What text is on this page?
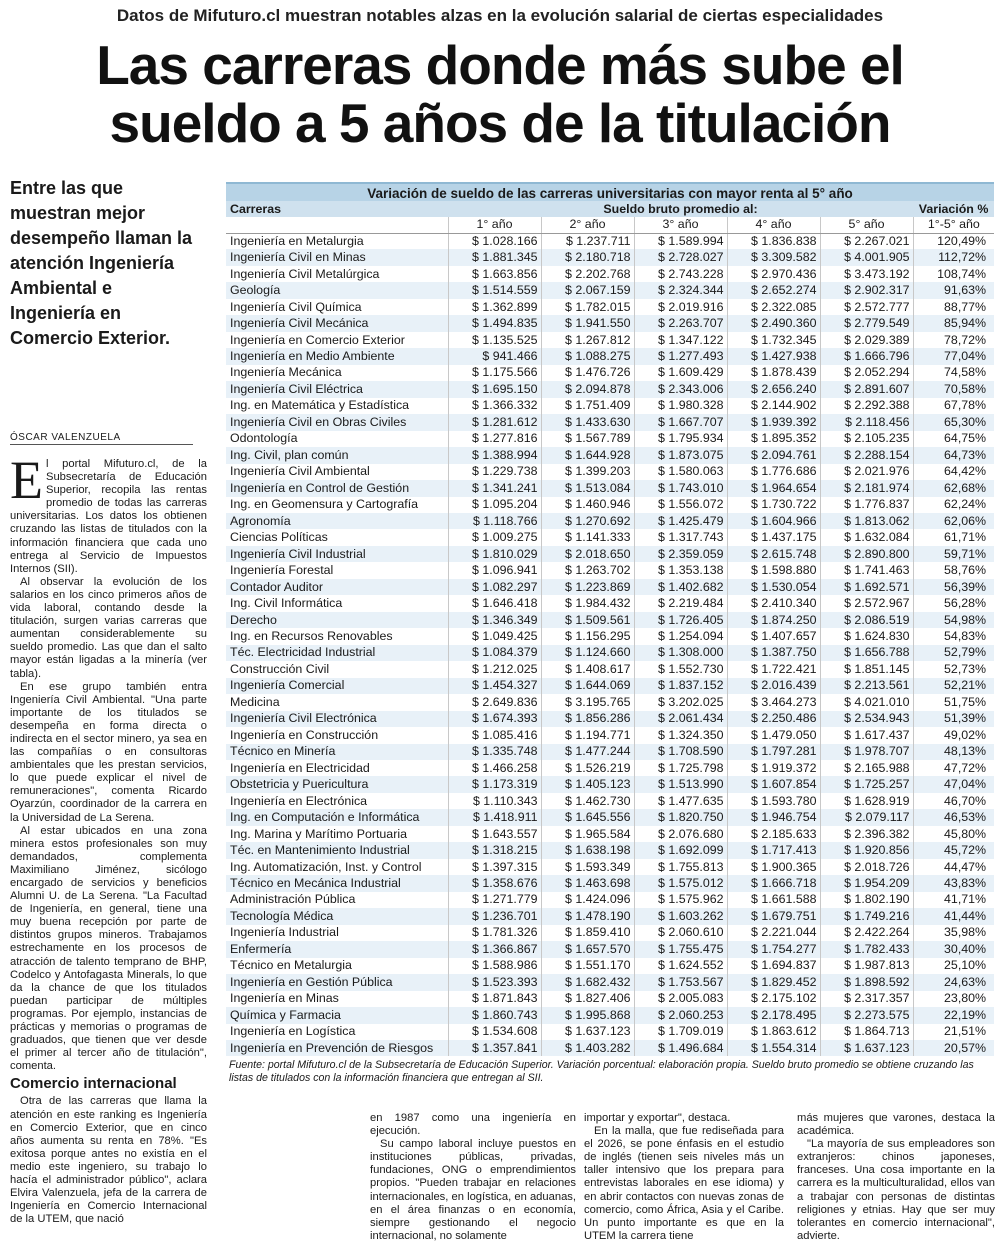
Datos de Mifuturo.cl muestran notables alzas en la evolución salarial de ciertas especialidades
Las carreras donde más sube el
sueldo a 5 años de la titulación
Entre las que muestran mejor desempeño llaman la atención Ingeniería Ambiental e Ingeniería en Comercio Exterior.
ÓSCAR VALENZUELA

El portal Mifuturo.cl, de la Subsecretaría de Educación Superior, recopila las rentas promedio de todas las carreras universitarias. Los datos los obtienen cruzando las listas de titulados con la información financiera que cada uno entrega al Servicio de Impuestos Internos (SII).

Al observar la evolución de los salarios en los cinco primeros años de vida laboral, contando desde la titulación, surgen varias carreras que aumentan considerablemente su sueldo promedio. Las que dan el salto mayor están ligadas a la minería (ver tabla).

En ese grupo también entra Ingeniería Civil Ambiental. "Una parte importante de los titulados se desempeña en forma directa o indirecta en el sector minero, ya sea en las compañías o en consultoras ambientales que les prestan servicios, lo que puede explicar el nivel de remuneraciones", comenta Ricardo Oyarzún, coordinador de la carrera en la Universidad de La Serena.

Al estar ubicados en una zona minera estos profesionales son muy demandados, complementa Maximiliano Jiménez, sicólogo encargado de servicios y beneficios Alumni U. de La Serena. "La Facultad de Ingeniería, en general, tiene una muy buena recepción por parte de distintos grupos mineros. Trabajamos estrechamente en los procesos de atracción de talento temprano de BHP, Codelco y Antofagasta Minerals, lo que da la chance de que los titulados puedan participar de múltiples programas. Por ejemplo, instancias de prácticas y memorias o programas de graduados, que tienen que ver desde el primer al tercer año de titulación", comenta.

Comercio internacional

Otra de las carreras que llama la atención en este ranking es Ingeniería en Comercio Exterior, que en cinco años aumenta su renta en 78%. "Es exitosa porque antes no existía en el medio este ingeniero, su trabajo lo hacía el administrador público", aclara Elvira Valenzuela, jefa de la carrera de Ingeniería en Comercio Internacional de la UTEM, que nació

en 1987 como una ingeniería en ejecución.

Su campo laboral incluye puestos en instituciones públicas, privadas, fundaciones, ONG o emprendimientos propios. "Pueden trabajar en relaciones internacionales, en logística, en aduanas, en el área finanzas o en economía, siempre gestionando el negocio internacional, no solamente

importar y exportar", destaca.

En la malla, que fue rediseñada para el 2026, se pone énfasis en el estudio de inglés (tienen seis niveles más un taller intensivo que los prepara para entrevistas laborales en ese idioma) y en abrir contactos con nuevas zonas de comercio, como África, Asia y el Caribe. Un punto importante es que en la UTEM la carrera tiene

más mujeres que varones, destaca la académica.

"La mayoría de sus empleadores son extranjeros: chinos japoneses, franceses. Una cosa importante en la carrera es la multiculturalidad, ellos van a trabajar con personas de distintas religiones y etnias. Hay que ser muy tolerantes en comercio internacional", advierte.

Variación de sueldo de las carreras universitarias con mayor renta al 5° año
Carreras	Sueldo bruto promedio al:					Variación %
	1° año	2° año	3° año	4° año	5° año	1°-5° año
Ingeniería en Metalurgia	$ 1.028.166	$ 1.237.711	$ 1.589.994	$ 1.836.838	$ 2.267.021	120,49%
Ingeniería Civil en Minas	$ 1.881.345	$ 2.180.718	$ 2.728.027	$ 3.309.582	$ 4.001.905	112,72%
Ingeniería Civil Metalúrgica	$ 1.663.856	$ 2.202.768	$ 2.743.228	$ 2.970.436	$ 3.473.192	108,74%
Geología	$ 1.514.559	$ 2.067.159	$ 2.324.344	$ 2.652.274	$ 2.902.317	91,63%
Ingeniería Civil Química	$ 1.362.899	$ 1.782.015	$ 2.019.916	$ 2.322.085	$ 2.572.777	88,77%
Ingeniería Civil Mecánica	$ 1.494.835	$ 1.941.550	$ 2.263.707	$ 2.490.360	$ 2.779.549	85,94%
Ingeniería en Comercio Exterior	$ 1.135.525	$ 1.267.812	$ 1.347.122	$ 1.732.345	$ 2.029.389	78,72%
Ingeniería en Medio Ambiente	$ 941.466	$ 1.088.275	$ 1.277.493	$ 1.427.938	$ 1.666.796	77,04%
Ingeniería Mecánica	$ 1.175.566	$ 1.476.726	$ 1.609.429	$ 1.878.439	$ 2.052.294	74,58%
Ingeniería Civil Eléctrica	$ 1.695.150	$ 2.094.878	$ 2.343.006	$ 2.656.240	$ 2.891.607	70,58%
Ing. en Matemática y Estadística	$ 1.366.332	$ 1.751.409	$ 1.980.328	$ 2.144.902	$ 2.292.388	67,78%
Ingeniería Civil en Obras Civiles	$ 1.281.612	$ 1.433.630	$ 1.667.707	$ 1.939.392	$ 2.118.456	65,30%
Odontología	$ 1.277.816	$ 1.567.789	$ 1.795.934	$ 1.895.352	$ 2.105.235	64,75%
Ing. Civil, plan común	$ 1.388.994	$ 1.644.928	$ 1.873.075	$ 2.094.761	$ 2.288.154	64,73%
Ingeniería Civil Ambiental	$ 1.229.738	$ 1.399.203	$ 1.580.063	$ 1.776.686	$ 2.021.976	64,42%
Ingeniería en Control de Gestión	$ 1.341.241	$ 1.513.084	$ 1.743.010	$ 1.964.654	$ 2.181.974	62,68%
Ing. en Geomensura y Cartografía	$ 1.095.204	$ 1.460.946	$ 1.556.072	$ 1.730.722	$ 1.776.837	62,24%
Agronomía	$ 1.118.766	$ 1.270.692	$ 1.425.479	$ 1.604.966	$ 1.813.062	62,06%
Ciencias Políticas	$ 1.009.275	$ 1.141.333	$ 1.317.743	$ 1.437.175	$ 1.632.084	61,71%
Ingeniería Civil Industrial	$ 1.810.029	$ 2.018.650	$ 2.359.059	$ 2.615.748	$ 2.890.800	59,71%
Ingeniería Forestal	$ 1.096.941	$ 1.263.702	$ 1.353.138	$ 1.598.880	$ 1.741.463	58,76%
Contador Auditor	$ 1.082.297	$ 1.223.869	$ 1.402.682	$ 1.530.054	$ 1.692.571	56,39%
Ing. Civil Informática	$ 1.646.418	$ 1.984.432	$ 2.219.484	$ 2.410.340	$ 2.572.967	56,28%
Derecho	$ 1.346.349	$ 1.509.561	$ 1.726.405	$ 1.874.250	$ 2.086.519	54,98%
Ing. en Recursos Renovables	$ 1.049.425	$ 1.156.295	$ 1.254.094	$ 1.407.657	$ 1.624.830	54,83%
Téc. Electricidad Industrial	$ 1.084.379	$ 1.124.660	$ 1.308.000	$ 1.387.750	$ 1.656.788	52,79%
Construcción Civil	$ 1.212.025	$ 1.408.617	$ 1.552.730	$ 1.722.421	$ 1.851.145	52,73%
Ingeniería Comercial	$ 1.454.327	$ 1.644.069	$ 1.837.152	$ 2.016.439	$ 2.213.561	52,21%
Medicina	$ 2.649.836	$ 3.195.765	$ 3.202.025	$ 3.464.273	$ 4.021.010	51,75%
Ingeniería Civil Electrónica	$ 1.674.393	$ 1.856.286	$ 2.061.434	$ 2.250.486	$ 2.534.943	51,39%
Ingeniería en Construcción	$ 1.085.416	$ 1.194.771	$ 1.324.350	$ 1.479.050	$ 1.617.437	49,02%
Técnico en Minería	$ 1.335.748	$ 1.477.244	$ 1.708.590	$ 1.797.281	$ 1.978.707	48,13%
Ingeniería en Electricidad	$ 1.466.258	$ 1.526.219	$ 1.725.798	$ 1.919.372	$ 2.165.988	47,72%
Obstetricia y Puericultura	$ 1.173.319	$ 1.405.123	$ 1.513.990	$ 1.607.854	$ 1.725.257	47,04%
Ingeniería en Electrónica	$ 1.110.343	$ 1.462.730	$ 1.477.635	$ 1.593.780	$ 1.628.919	46,70%
Ing. en Computación e Informática	$ 1.418.911	$ 1.645.556	$ 1.820.750	$ 1.946.754	$ 2.079.117	46,53%
Ing. Marina y Marítimo Portuaria	$ 1.643.557	$ 1.965.584	$ 2.076.680	$ 2.185.633	$ 2.396.382	45,80%
Téc. en Mantenimiento Industrial	$ 1.318.215	$ 1.638.198	$ 1.692.099	$ 1.717.413	$ 1.920.856	45,72%
Ing. Automatización, Inst. y Control	$ 1.397.315	$ 1.593.349	$ 1.755.813	$ 1.900.365	$ 2.018.726	44,47%
Técnico en Mecánica Industrial	$ 1.358.676	$ 1.463.698	$ 1.575.012	$ 1.666.718	$ 1.954.209	43,83%
Administración Pública	$ 1.271.779	$ 1.424.096	$ 1.575.962	$ 1.661.588	$ 1.802.190	41,71%
Tecnología Médica	$ 1.236.701	$ 1.478.190	$ 1.603.262	$ 1.679.751	$ 1.749.216	41,44%
Ingeniería Industrial	$ 1.781.326	$ 1.859.410	$ 2.060.610	$ 2.221.044	$ 2.422.264	35,98%
Enfermería	$ 1.366.867	$ 1.657.570	$ 1.755.475	$ 1.754.277	$ 1.782.433	30,40%
Técnico en Metalurgia	$ 1.588.986	$ 1.551.170	$ 1.624.552	$ 1.694.837	$ 1.987.813	25,10%
Ingeniería en Gestión Pública	$ 1.523.393	$ 1.682.432	$ 1.753.567	$ 1.829.452	$ 1.898.592	24,63%
Ingeniería en Minas	$ 1.871.843	$ 1.827.406	$ 2.005.083	$ 2.175.102	$ 2.317.357	23,80%
Química y Farmacia	$ 1.860.743	$ 1.995.868	$ 2.060.253	$ 2.178.495	$ 2.273.575	22,19%
Ingeniería en Logística	$ 1.534.608	$ 1.637.123	$ 1.709.019	$ 1.863.612	$ 1.864.713	21,51%
Ingeniería en Prevención de Riesgos	$ 1.357.841	$ 1.403.282	$ 1.496.684	$ 1.554.314	$ 1.637.123	20,57%
Fuente: portal Mifuturo.cl de la Subsecretaría de Educación Superior. Variación porcentual: elaboración propia. Sueldo bruto promedio se obtiene cruzando las listas de titulados con la información financiera que entregan al SII.
